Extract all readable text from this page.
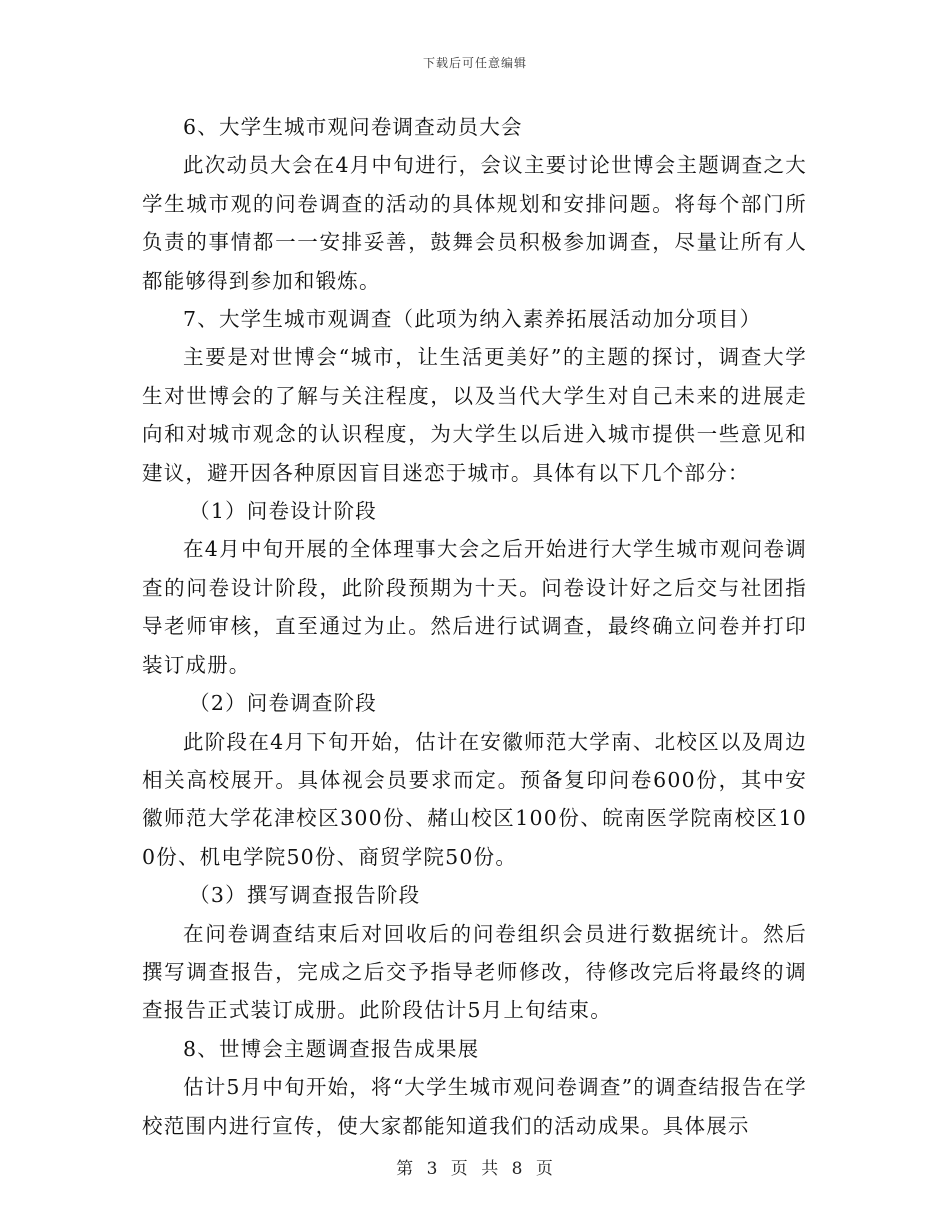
下载后可任意编辑

6、大学生城市观问卷调查动员大会

此次动员大会在4月中旬进行，会议主要讨论世博会主题调查之大学生城市观的问卷调查的活动的具体规划和安排问题。将每个部门所负责的事情都一一安排妥善，鼓舞会员积极参加调查，尽量让所有人都能够得到参加和锻炼。

7、大学生城市观调查（此项为纳入素养拓展活动加分项目）

主要是对世博会“城市，让生活更美好”的主题的探讨，调查大学生对世博会的了解与关注程度，以及当代大学生对自己未来的进展走向和对城市观念的认识程度，为大学生以后进入城市提供一些意见和建议，避开因各种原因盲目迷恋于城市。具体有以下几个部分：

（1）问卷设计阶段

在4月中旬开展的全体理事大会之后开始进行大学生城市观问卷调查的问卷设计阶段，此阶段预期为十天。问卷设计好之后交与社团指导老师审核，直至通过为止。然后进行试调查，最终确立问卷并打印装订成册。

（2）问卷调查阶段

此阶段在4月下旬开始，估计在安徽师范大学南、北校区以及周边相关高校展开。具体视会员要求而定。预备复印问卷600份，其中安徽师范大学花津校区300份、赭山校区100份、皖南医学院南校区100份、机电学院50份、商贸学院50份。

（3）撰写调查报告阶段

在问卷调查结束后对回收后的问卷组织会员进行数据统计。然后撰写调查报告，完成之后交予指导老师修改，待修改完后将最终的调查报告正式装订成册。此阶段估计5月上旬结束。

8、世博会主题调查报告成果展

估计5月中旬开始，将“大学生城市观问卷调查”的调查结报告在学校范围内进行宣传，使大家都能知道我们的活动成果。具体展示

第 3 页 共 8 页
